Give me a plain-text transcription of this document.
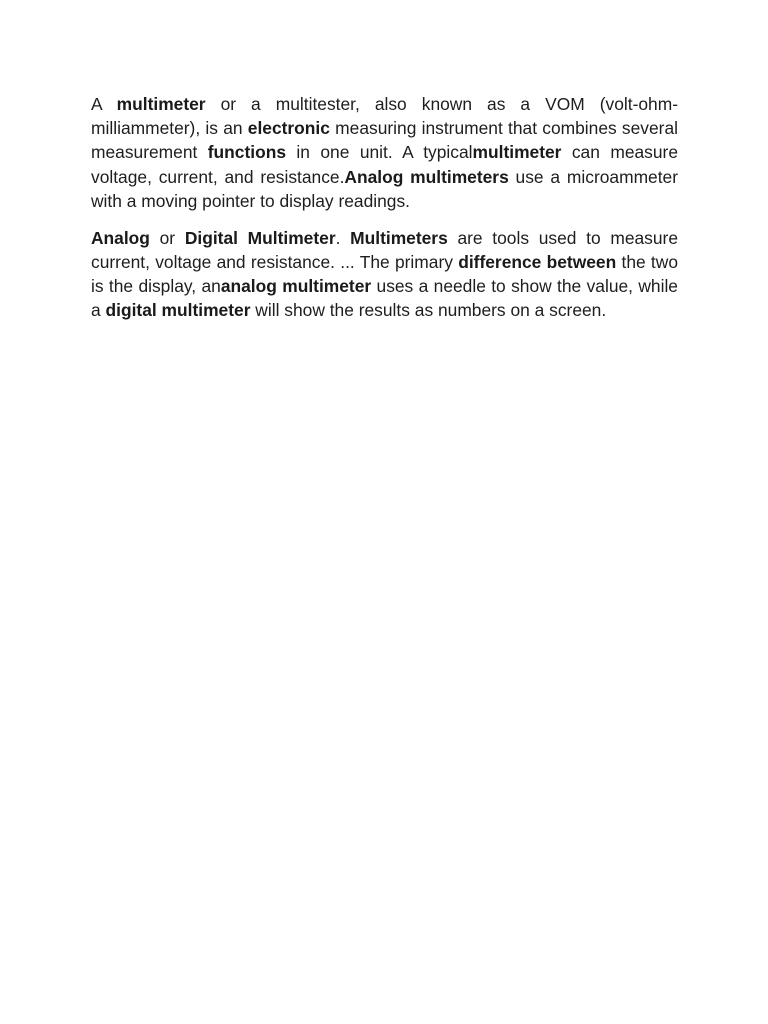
A multimeter or a multitester, also known as a VOM (volt-ohm-milliammeter), is an electronic measuring instrument that combines several measurement functions in one unit. A typicalmultimeter can measure voltage, current, and resistance.Analog multimeters use a microammeter with a moving pointer to display readings.

Analog or Digital Multimeter. Multimeters are tools used to measure current, voltage and resistance. ... The primary difference between the two is the display, ananalog multimeter uses a needle to show the value, while a digital multimeter will show the results as numbers on a screen.
